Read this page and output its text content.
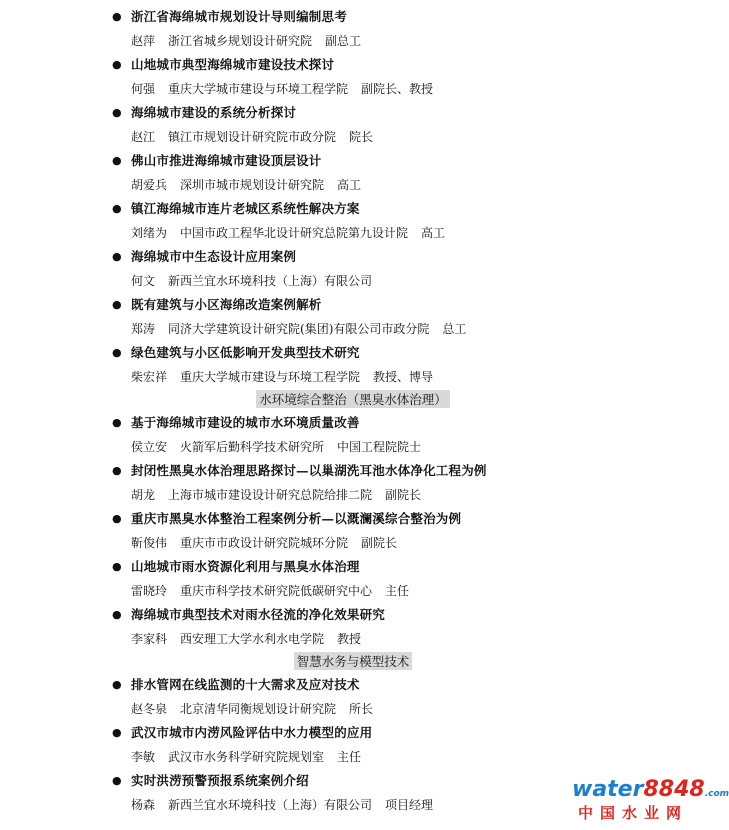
● 浙江省海绵城市规划设计导则编制思考
赵萍 浙江省城乡规划设计研究院 副总工
● 山地城市典型海绵城市建设技术探讨
何强 重庆大学城市建设与环境工程学院 副院长、教授
● 海绵城市建设的系统分析探讨
赵江 镇江市规划设计研究院市政分院 院长
● 佛山市推进海绵城市建设顶层设计
胡爱兵 深圳市城市规划设计研究院 高工
● 镇江海绵城市连片老城区系统性解决方案
刘绪为 中国市政工程华北设计研究总院第九设计院 高工
● 海绵城市中生态设计应用案例
何文 新西兰宜水环境科技（上海）有限公司
● 既有建筑与小区海绵改造案例解析
郑涛 同济大学建筑设计研究院(集团)有限公司市政分院 总工
● 绿色建筑与小区低影响开发典型技术研究
柴宏祥 重庆大学城市建设与环境工程学院 教授、博导
水环境综合整治（黑臭水体治理）
● 基于海绵城市建设的城市水环境质量改善
侯立安 火箭军后勤科学技术研究所 中国工程院院士
● 封闭性黑臭水体治理思路探讨—以巢湖洗耳池水体净化工程为例
胡龙 上海市城市建设设计研究总院给排二院 副院长
● 重庆市黑臭水体整治工程案例分析—以溉澜溪综合整治为例
靳俊伟 重庆市市政设计研究院城环分院 副院长
● 山地城市雨水资源化利用与黑臭水体治理
雷晓玲 重庆市科学技术研究院低碳研究中心 主任
● 海绵城市典型技术对雨水径流的净化效果研究
李家科 西安理工大学水利水电学院 教授
智慧水务与模型技术
● 排水管网在线监测的十大需求及应对技术
赵冬泉 北京清华同衡规划设计研究院 所长
● 武汉市城市内涝风险评估中水力模型的应用
李敏 武汉市水务科学研究院规划室 主任
● 实时洪涝预警预报系统案例介绍
杨森 新西兰宜水环境科技（上海）有限公司 项目经理
water8848.com
中国水业网
